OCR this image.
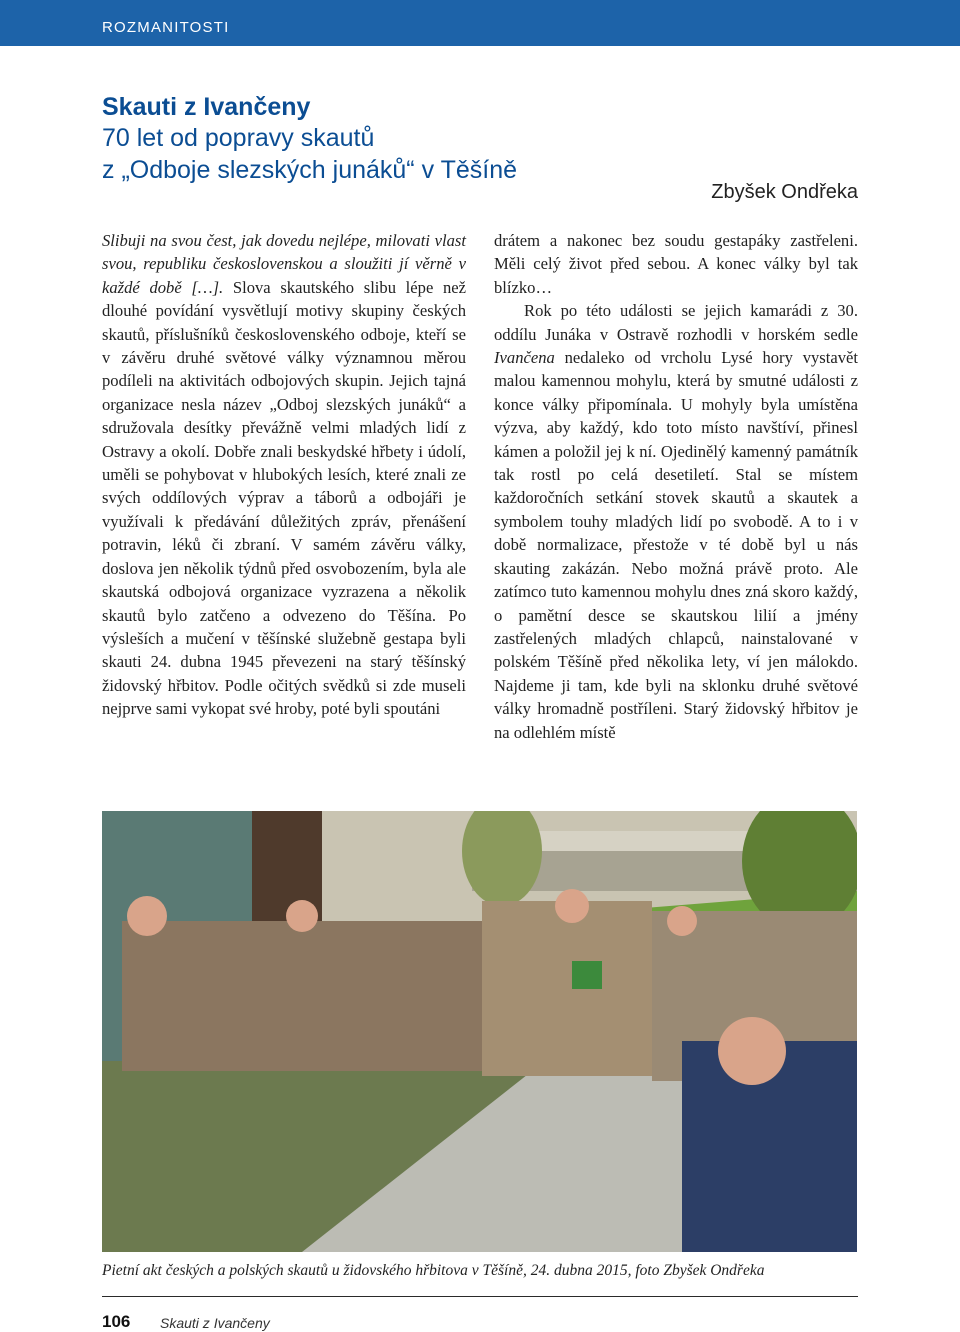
ROZMANITOSTI
Skauti z Ivančeny
70 let od popravy skautů
z „Odboje slezských junáků“ v Těšíně
Zbyšek Ondřeka

Slibuji na svou čest, jak dovedu nejlépe, milovati vlast svou, republiku československou a sloužiti jí věrně v každé době […]. Slova skautského slibu lépe než dlouhé povídání vysvětlují motivy skupiny českých skautů, příslušníků československého odboje, kteří se v závěru druhé světové války významnou měrou podíleli na aktivitách odbojových skupin. Jejich tajná organizace nesla název „Odboj slezských junáků“ a sdružovala desítky převážně velmi mladých lidí z Ostravy a okolí. Dobře znali beskydské hřbety i údolí, uměli se pohybovat v hlubokých lesích, které znali ze svých oddílových výprav a táborů a odbojáři je využívali k předávání důležitých zpráv, přenášení potravin, léků či zbraní. V samém závěru války, doslova jen několik týdnů před osvobozením, byla ale skautská odbojová organizace vyzrazena a několik skautů bylo zatčeno a odvezeno do Těšína. Po výsleších a mučení v těšínské služebně gestapa byli skauti 24. dubna 1945 převezeni na starý těšínský židovský hřbitov. Podle očitých svědků si zde museli nejprve sami vykopat své hroby, poté byli spoutáni

drátem a nakonec bez soudu gestapáky zastřeleni. Měli celý život před sebou. A konec války byl tak blízko…

Rok po této události se jejich kamarádi z 30. oddílu Junáka v Ostravě rozhodli v horském sedle Ivančena nedaleko od vrcholu Lysé hory vystavět malou kamennou mohylu, která by smutné události z konce války připomínala. U mohyly byla umístěna výzva, aby každý, kdo toto místo navštíví, přinesl kámen a položil jej k ní. Ojedinělý kamenný památník tak rostl po celá desetiletí. Stal se místem každoročních setkání stovek skautů a skautek a symbolem touhy mladých lidí po svobodě. A to i v době normalizace, přestože v té době byl u nás skauting zakázán. Nebo možná právě proto. Ale zatímco tuto kamennou mohylu dnes zná skoro každý, o pamětní desce se skautskou lilií a jmény zastřelených mladých chlapců, nainstalované v polském Těšíně před několika lety, ví jen málokdo. Najdeme ji tam, kde byli na sklonku druhé světové války hromadně postříleni. Starý židovský hřbitov je na odlehlém místě

Pietní akt českých a polských skautů u židovského hřbitova v Těšíně, 24. dubna 2015, foto Zbyšek Ondřeka
106 Skauti z Ivančeny
